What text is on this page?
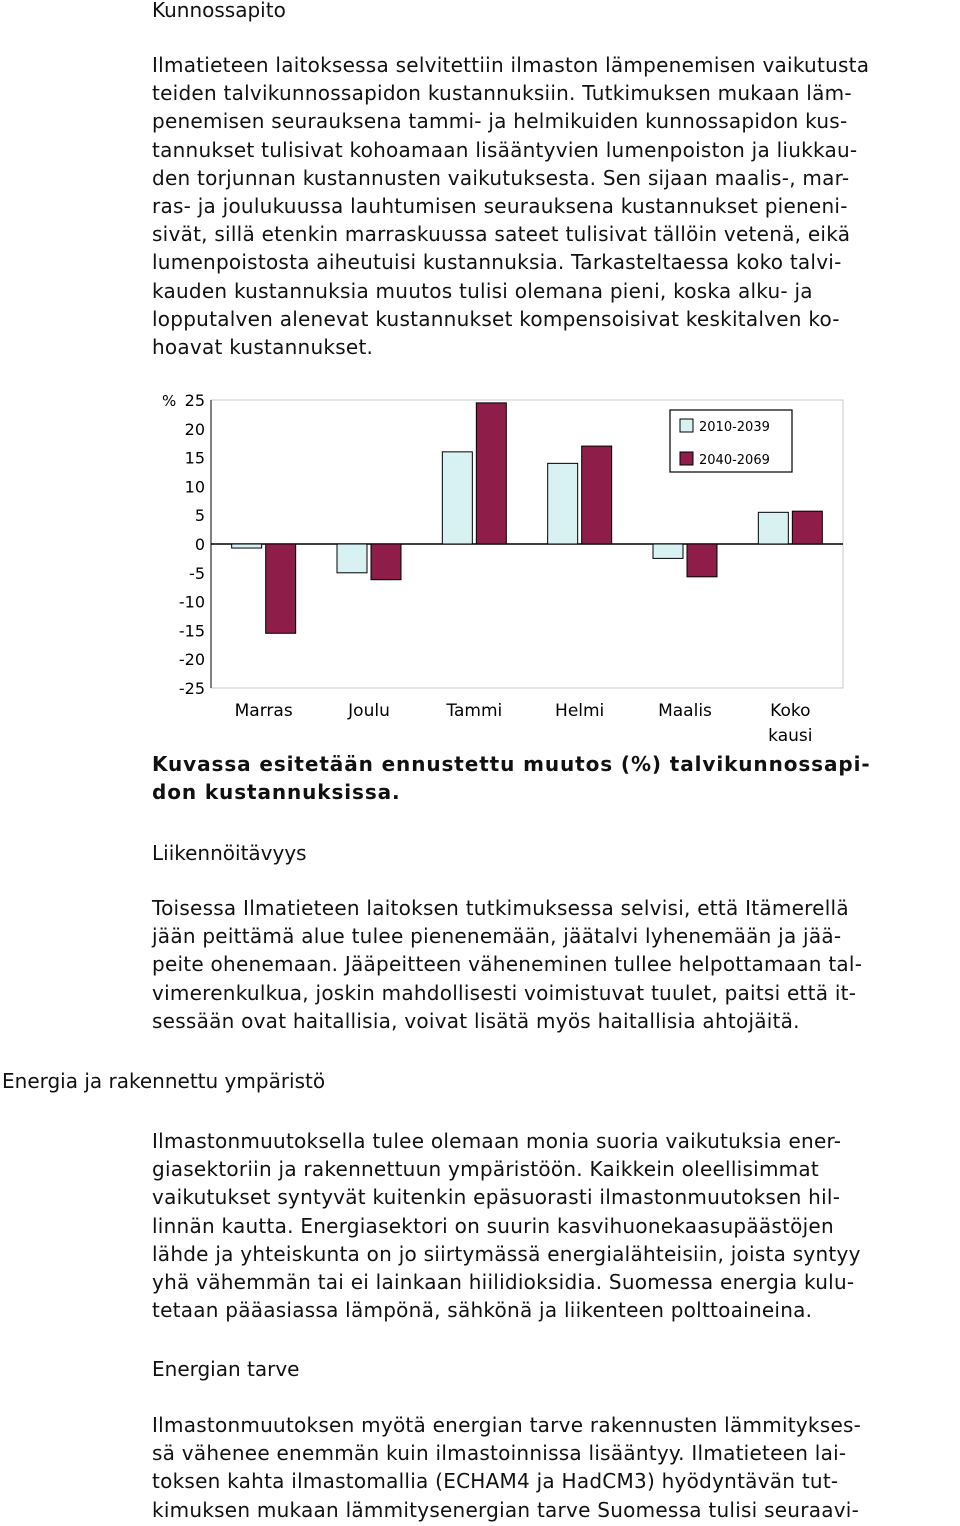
Kunnossapito

Ilmatieteen laitoksessa selvitettiin ilmaston lämpenemisen vaikutusta
teiden talvikunnossapidon kustannuksiin. Tutkimuksen mukaan läm-
penemisen seurauksena tammi- ja helmikuiden kunnossapidon kus-
tannukset tulisivat kohoamaan lisääntyvien lumenpoiston ja liukkau-
den torjunnan kustannusten vaikutuksesta. Sen sijaan maalis-, mar-
ras- ja joulukuussa lauhtumisen seurauksena kustannukset pieneni-
sivät, sillä etenkin marraskuussa sateet tulisivat tällöin vetenä, eikä
lumenpoistosta aiheutuisi kustannuksia. Tarkasteltaessa koko talvi-
kauden kustannuksia muutos tulisi olemana pieni, koska alku- ja
lopputalven alenevat kustannukset kompensoisivat keskitalven ko-
hoavat kustannukset.

% 25
20
15
10
5
0
-5
-10
-15
-20
-25
Marras	Joulu	Tammi	Helmi	Maalis	Koko kausi
2010-2039
2040-2069

Kuvassa esitetään ennustettu muutos (%) talvikunnossapi-
don kustannuksissa.

Liikennöitävyys

Toisessa Ilmatieteen laitoksen tutkimuksessa selvisi, että Itämerellä
jään peittämä alue tulee pienenemään, jäätalvi lyhenemään ja jää-
peite ohenemaan. Jääpeitteen väheneminen tullee helpottamaan tal-
vimerenkulkua, joskin mahdollisesti voimistuvat tuulet, paitsi että it-
sessään ovat haitallisia, voivat lisätä myös haitallisia ahtojäitä.

Energia ja rakennettu ympäristö

Ilmastonmuutoksella tulee olemaan monia suoria vaikutuksia ener-
giasektoriin ja rakennettuun ympäristöön. Kaikkein oleellisimmat
vaikutukset syntyvät kuitenkin epäsuorasti ilmastonmuutoksen hil-
linnän kautta. Energiasektori on suurin kasvihuonekaasupäästöjen
lähde ja yhteiskunta on jo siirtymässä energialähteisiin, joista syntyy
yhä vähemmän tai ei lainkaan hiilidioksidia. Suomessa energia kulu-
tetaan pääasiassa lämpönä, sähkönä ja liikenteen polttoaineina.

Energian tarve

Ilmastonmuutoksen myötä energian tarve rakennusten lämmitykses-
sä vähenee enemmän kuin ilmastoinnissa lisääntyy. Ilmatieteen lai-
toksen kahta ilmastomallia (ECHAM4 ja HadCM3) hyödyntävän tut-
kimuksen mukaan lämmitysenergian tarve Suomessa tulisi seuraavi-
